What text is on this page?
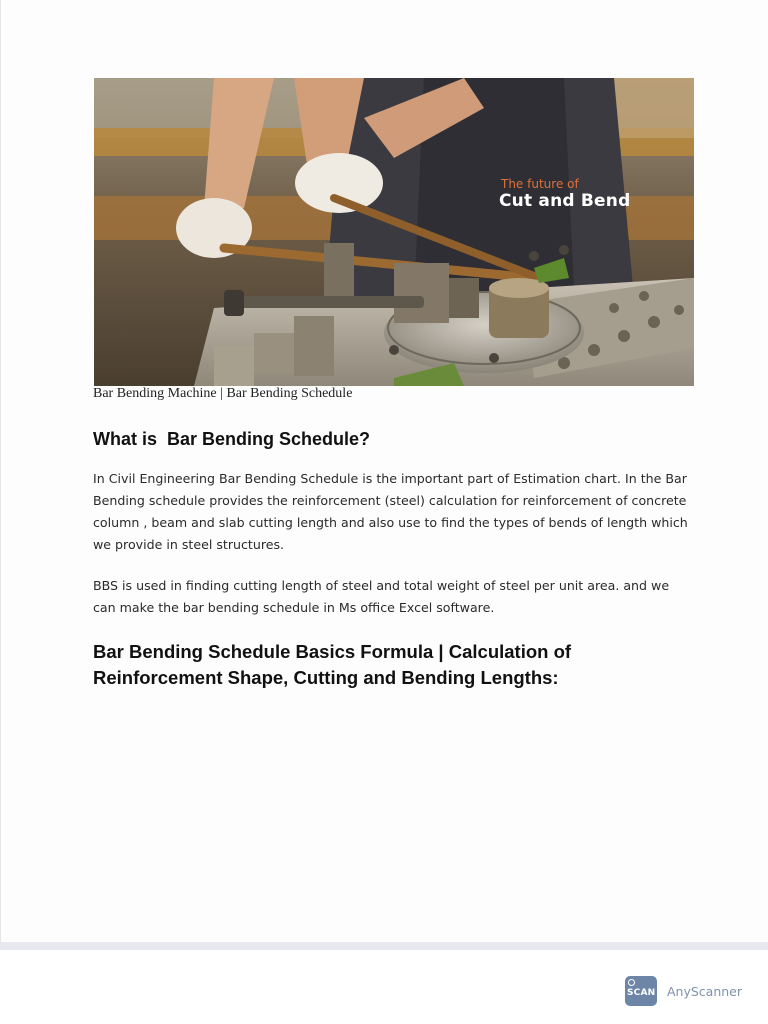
The future of
Cut and Bend
Bar Bending Machine | Bar Bending Schedule
What is  Bar Bending Schedule?

In Civil Engineering Bar Bending Schedule is the important part of Estimation chart. In the Bar Bending schedule provides the reinforcement (steel) calculation for reinforcement of concrete column , beam and slab cutting length and also use to find the types of bends of length which we provide in steel structures.

BBS is used in finding cutting length of steel and total weight of steel per unit area. and we can make the bar bending schedule in Ms office Excel software.

Bar Bending Schedule Basics Formula | Calculation of Reinforcement Shape, Cutting and Bending Lengths:
SCAN AnyScanner
